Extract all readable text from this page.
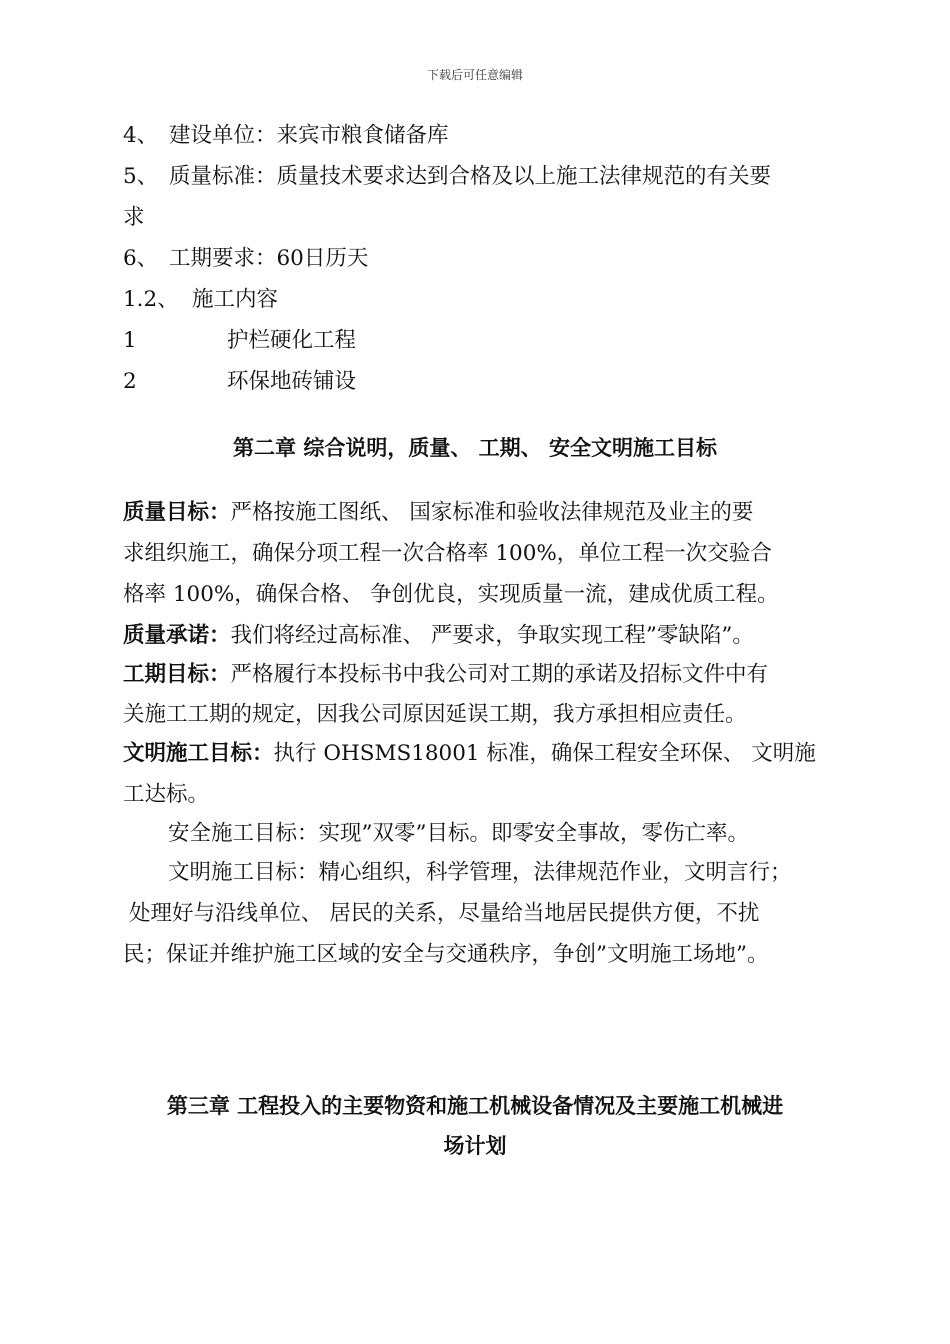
下载后可任意编辑
4、 建设单位：来宾市粮食储备库
5、 质量标准：质量技术要求达到合格及以上施工法律规范的有关要
求
6、 工期要求：60日历天
1.2、 施工内容
1	护栏硬化工程
2	环保地砖铺设
第二章 综合说明，质量、 工期、 安全文明施工目标
质量目标：严格按施工图纸、 国家标准和验收法律规范及业主的要
求组织施工，确保分项工程一次合格率 100%，单位工程一次交验合
格率 100%，确保合格、 争创优良，实现质量一流，建成优质工程。
质量承诺：我们将经过高标准、 严要求，争取实现工程”零缺陷”。
工期目标：严格履行本投标书中我公司对工期的承诺及招标文件中有
关施工工期的规定，因我公司原因延误工期，我方承担相应责任。
文明施工目标：执行 OHSMS18001 标准，确保工程安全环保、 文明施
工达标。
安全施工目标：实现”双零”目标。即零安全事故，零伤亡率。
文明施工目标：精心组织，科学管理，法律规范作业，文明言行；
处理好与沿线单位、 居民的关系，尽量给当地居民提供方便，不扰
民；保证并维护施工区域的安全与交通秩序，争创”文明施工场地”。
第三章 工程投入的主要物资和施工机械设备情况及主要施工机械进
场计划
